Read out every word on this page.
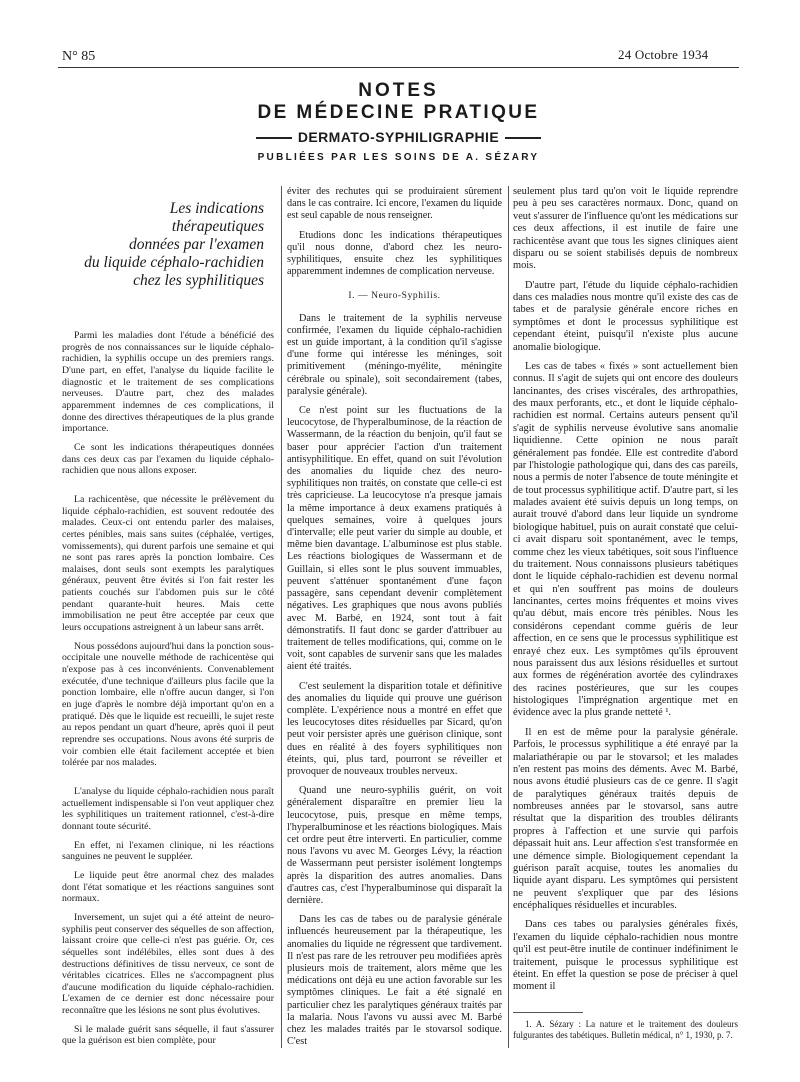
N° 85	24 Octobre 1934
NOTES
DE MÉDECINE PRATIQUE
DERMATO-SYPHILIGRAPHIE
PUBLIÉES PAR LES SOINS DE A. SÉZARY
Les indications thérapeutiques
données par l'examen
du liquide céphalo-rachidien
chez les syphilitiques

Parmi les maladies dont l'étude a bénéficié des progrès de nos connaissances sur le liquide céphalo-rachidien, la syphilis occupe un des premiers rangs. D'une part, en effet, l'analyse du liquide facilite le diagnostic et le traitement de ses complications nerveuses. D'autre part, chez des malades apparemment indemnes de ces complications, il donne des directives thérapeutiques de la plus grande importance.

Ce sont les indications thérapeutiques données dans ces deux cas par l'examen du liquide céphalo-rachidien que nous allons exposer.

La rachicentèse, que nécessite le prélèvement du liquide céphalo-rachidien, est souvent redoutée des malades. Ceux-ci ont entendu parler des malaises, certes pénibles, mais sans suites (céphalée, vertiges, vomissements), qui durent parfois une semaine et qui ne sont pas rares après la ponction lombaire. Ces malaises, dont seuls sont exempts les paralytiques généraux, peuvent être évités si l'on fait rester les patients couchés sur l'abdomen puis sur le côté pendant quarante-huit heures. Mais cette immobilisation ne peut être acceptée par ceux que leurs occupations astreignent à un labeur sans arrêt.

Nous possédons aujourd'hui dans la ponction sous-occipitale une nouvelle méthode de rachicentèse qui n'expose pas à ces inconvénients. Convenablement exécutée, d'une technique d'ailleurs plus facile que la ponction lombaire, elle n'offre aucun danger, si l'on en juge d'après le nombre déjà important qu'on en a pratiqué. Dès que le liquide est recueilli, le sujet reste au repos pendant un quart d'heure, après quoi il peut reprendre ses occupations. Nous avons été surpris de voir combien elle était facilement acceptée et bien tolérée par nos malades.

L'analyse du liquide céphalo-rachidien nous paraît actuellement indispensable si l'on veut appliquer chez les syphilitiques un traitement rationnel, c'est-à-dire donnant toute sécurité.

En effet, ni l'examen clinique, ni les réactions sanguines ne peuvent le suppléer.

Le liquide peut être anormal chez des malades dont l'état somatique et les réactions sanguines sont normaux.

Inversement, un sujet qui a été atteint de neuro-syphilis peut conserver des séquelles de son affection, laissant croire que celle-ci n'est pas guérie. Or, ces séquelles sont indélébiles, elles sont dues à des destructions définitives de tissu nerveux, ce sont de véritables cicatrices. Elles ne s'accompagnent plus d'aucune modification du liquide céphalo-rachidien. L'examen de ce dernier est donc nécessaire pour reconnaître que les lésions ne sont plus évolutives.

Si le malade guérit sans séquelle, il faut s'assurer que la guérison est bien complète, pour

éviter des rechutes qui se produiraient sûrement dans le cas contraire. Ici encore, l'examen du liquide est seul capable de nous renseigner.

Etudions donc les indications thérapeutiques qu'il nous donne, d'abord chez les neuro-syphilitiques, ensuite chez les syphilitiques apparemment indemnes de complication nerveuse.

I. — Neuro-Syphilis.

Dans le traitement de la syphilis nerveuse confirmée, l'examen du liquide céphalo-rachidien est un guide important, à la condition qu'il s'agisse d'une forme qui intéresse les méninges, soit primitivement (méningo-myélite, méningite cérébrale ou spinale), soit secondairement (tabes, paralysie générale).

Ce n'est point sur les fluctuations de la leucocytose, de l'hyperalbuminose, de la réaction de Wassermann, de la réaction du benjoin, qu'il faut se baser pour apprécier l'action d'un traitement antisyphilitique. En effet, quand on suit l'évolution des anomalies du liquide chez des neuro-syphilitiques non traités, on constate que celle-ci est très capricieuse. La leucocytose n'a presque jamais la même importance à deux examens pratiqués à quelques semaines, voire à quelques jours d'intervalle; elle peut varier du simple au double, et même bien davantage. L'albuminose est plus stable. Les réactions biologiques de Wassermann et de Guillain, si elles sont le plus souvent immuables, peuvent s'atténuer spontanément d'une façon passagère, sans cependant devenir complètement négatives. Les graphiques que nous avons publiés avec M. Barbé, en 1924, sont tout à fait démonstratifs. Il faut donc se garder d'attribuer au traitement de telles modifications, qui, comme on le voit, sont capables de survenir sans que les malades aient été traités.

C'est seulement la disparition totale et définitive des anomalies du liquide qui prouve une guérison complète. L'expérience nous a montré en effet que les leucocytoses dites résiduelles par Sicard, qu'on peut voir persister après une guérison clinique, sont dues en réalité à des foyers syphilitiques non éteints, qui, plus tard, pourront se réveiller et provoquer de nouveaux troubles nerveux.

Quand une neuro-syphilis guérit, on voit généralement disparaître en premier lieu la leucocytose, puis, presque en même temps, l'hyperalbuminose et les réactions biologiques. Mais cet ordre peut être interverti. En particulier, comme nous l'avons vu avec M. Georges Lévy, la réaction de Wassermann peut persister isolément longtemps après la disparition des autres anomalies. Dans d'autres cas, c'est l'hyperalbuminose qui disparaît la dernière.

Dans les cas de tabes ou de paralysie générale influencés heureusement par la thérapeutique, les anomalies du liquide ne régressent que tardivement. Il n'est pas rare de les retrouver peu modifiées après plusieurs mois de traitement, alors même que les médications ont déjà eu une action favorable sur les symptômes cliniques. Le fait a été signalé en particulier chez les paralytiques généraux traités par la malaria. Nous l'avons vu aussi avec M. Barbé chez les malades traités par le stovarsol sodique. C'est

seulement plus tard qu'on voit le liquide reprendre peu à peu ses caractères normaux. Donc, quand on veut s'assurer de l'influence qu'ont les médications sur ces deux affections, il est inutile de faire une rachicentèse avant que tous les signes cliniques aient disparu ou se soient stabilisés depuis de nombreux mois.

D'autre part, l'étude du liquide céphalo-rachidien dans ces maladies nous montre qu'il existe des cas de tabes et de paralysie générale encore riches en symptômes et dont le processus syphilitique est cependant éteint, puisqu'il n'existe plus aucune anomalie biologique.

Les cas de tabes « fixés » sont actuellement bien connus. Il s'agit de sujets qui ont encore des douleurs lancinantes, des crises viscérales, des arthropathies, des maux perforants, etc., et dont le liquide céphalo-rachidien est normal. Certains auteurs pensent qu'il s'agit de syphilis nerveuse évolutive sans anomalie liquidienne. Cette opinion ne nous paraît généralement pas fondée. Elle est contredite d'abord par l'histologie pathologique qui, dans des cas pareils, nous a permis de noter l'absence de toute méningite et de tout processus syphilitique actif. D'autre part, si les malades avaient été suivis depuis un long temps, on aurait trouvé d'abord dans leur liquide un syndrome biologique habituel, puis on aurait constaté que celui-ci avait disparu soit spontanément, avec le temps, comme chez les vieux tabétiques, soit sous l'influence du traitement. Nous connaissons plusieurs tabétiques dont le liquide céphalo-rachidien est devenu normal et qui n'en souffrent pas moins de douleurs lancinantes, certes moins fréquentes et moins vives qu'au début, mais encore très pénibles. Nous les considérons cependant comme guéris de leur affection, en ce sens que le processus syphilitique est enrayé chez eux. Les symptômes qu'ils éprouvent nous paraissent dus aux lésions résiduelles et surtout aux formes de régénération avortée des cylindraxes des racines postérieures, que sur les coupes histologiques l'imprégnation argentique met en évidence avec la plus grande netteté ¹.

Il en est de même pour la paralysie générale. Parfois, le processus syphilitique a été enrayé par la malariathérapie ou par le stovarsol; et les malades n'en restent pas moins des déments. Avec M. Barbé, nous avons étudié plusieurs cas de ce genre. Il s'agit de paralytiques généraux traités depuis de nombreuses années par le stovarsol, sans autre résultat que la disparition des troubles délirants propres à l'affection et une survie qui parfois dépassait huit ans. Leur affection s'est transformée en une démence simple. Biologiquement cependant la guérison paraît acquise, toutes les anomalies du liquide ayant disparu. Les symptômes qui persistent ne peuvent s'expliquer que par des lésions encéphaliques résiduelles et incurables.

Dans ces tabes ou paralysies générales fixés, l'examen du liquide céphalo-rachidien nous montre qu'il est peut-être inutile de continuer indéfiniment le traitement, puisque le processus syphilitique est éteint. En effet la question se pose de préciser à quel moment il

1. A. Sézary : La nature et le traitement des douleurs fulgurantes des tabétiques. Bulletin médical, n° 1, 1930, p. 7.
